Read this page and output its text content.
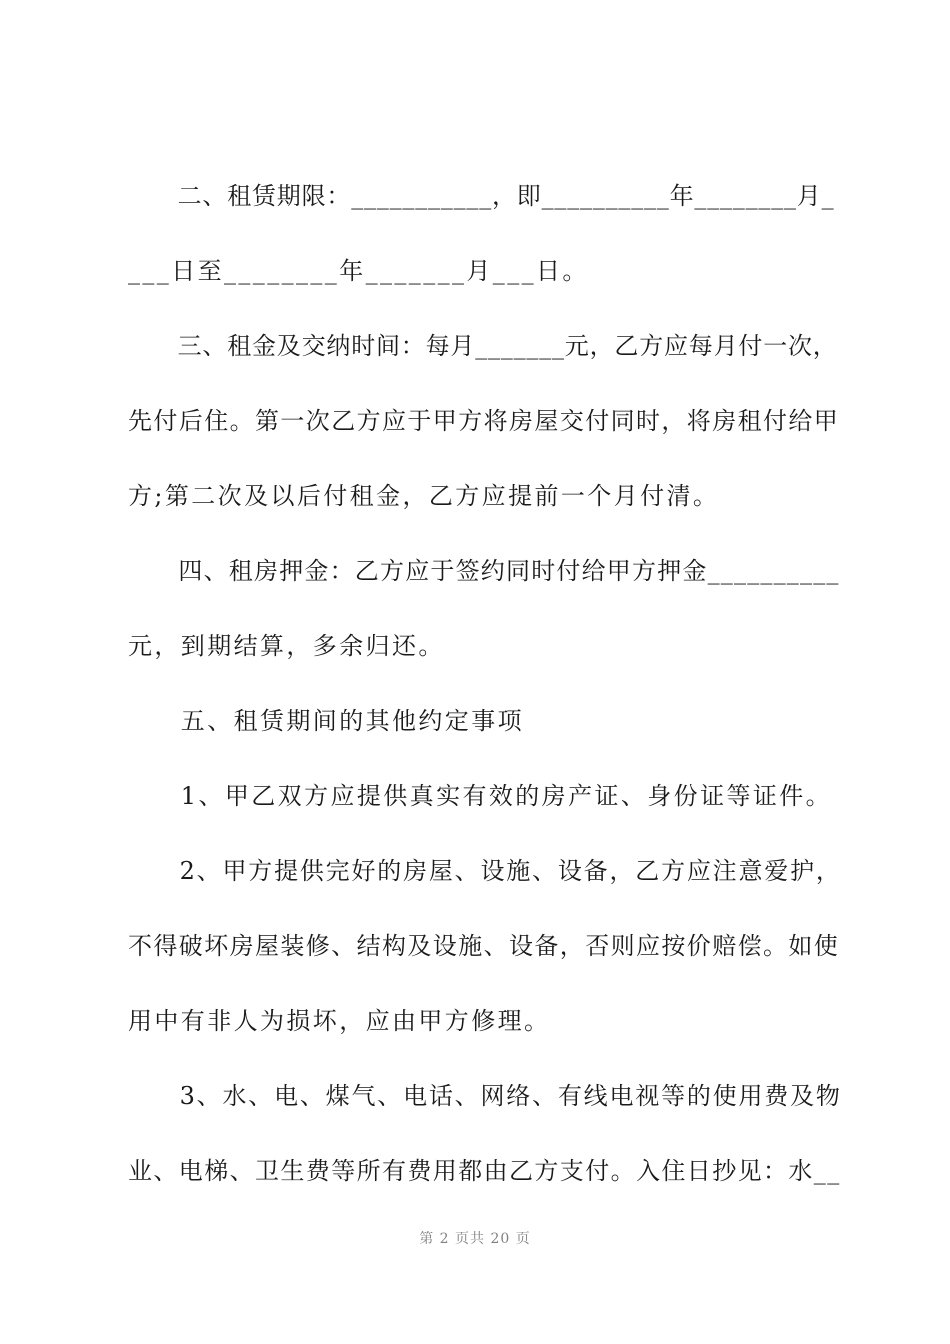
　　二、租赁期限：___________，即__________年________月_
___日至________年_______月___日。
　　三、租金及交纳时间：每月_______元，乙方应每月付一次，
先付后住。第一次乙方应于甲方将房屋交付同时，将房租付给甲
方;第二次及以后付租金，乙方应提前一个月付清。
　　四、租房押金：乙方应于签约同时付给甲方押金__________
元，到期结算，多余归还。
　　五、租赁期间的其他约定事项
　　1、甲乙双方应提供真实有效的房产证、身份证等证件。
　　2、甲方提供完好的房屋、设施、设备，乙方应注意爱护，
不得破坏房屋装修、结构及设施、设备，否则应按价赔偿。如使
用中有非人为损坏，应由甲方修理。
　　3、水、电、煤气、电话、网络、有线电视等的使用费及物
业、电梯、卫生费等所有费用都由乙方支付。入住日抄见：水__
第 2 页共 20 页
